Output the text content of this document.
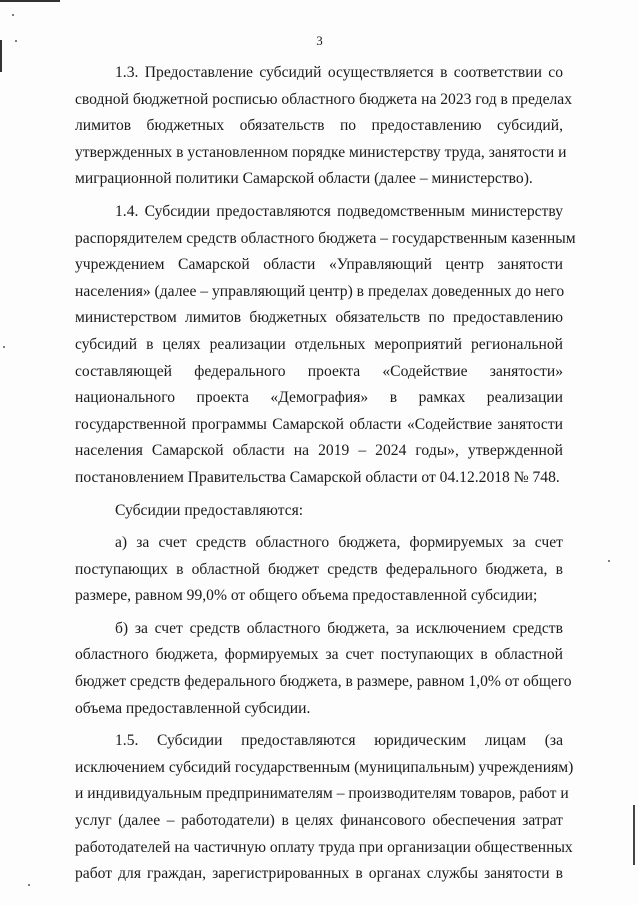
3
1.3. Предоставление субсидий осуществляется в соответствии со
сводной бюджетной росписью областного бюджета на 2023 год в пределах
лимитов бюджетных обязательств по предоставлению субсидий,
утвержденных в установленном порядке министерству труда, занятости и
миграционной политики Самарской области (далее – министерство).
1.4. Субсидии предоставляются подведомственным министерству
распорядителем средств областного бюджета – государственным казенным
учреждением Самарской области «Управляющий центр занятости
населения» (далее – управляющий центр) в пределах доведенных до него
министерством лимитов бюджетных обязательств по предоставлению
субсидий в целях реализации отдельных мероприятий региональной
составляющей федерального проекта «Содействие занятости»
национального проекта «Демография» в рамках реализации
государственной программы Самарской области «Содействие занятости
населения Самарской области на 2019 – 2024 годы», утвержденной
постановлением Правительства Самарской области от 04.12.2018 № 748.
Субсидии предоставляются:
а) за счет средств областного бюджета, формируемых за счет
поступающих в областной бюджет средств федерального бюджета, в
размере, равном 99,0% от общего объема предоставленной субсидии;
б) за счет средств областного бюджета, за исключением средств
областного бюджета, формируемых за счет поступающих в областной
бюджет средств федерального бюджета, в размере, равном 1,0% от общего
объема предоставленной субсидии.
1.5. Субсидии предоставляются юридическим лицам (за
исключением субсидий государственным (муниципальным) учреждениям)
и индивидуальным предпринимателям – производителям товаров, работ и
услуг (далее – работодатели) в целях финансового обеспечения затрат
работодателей на частичную оплату труда при организации общественных
работ для граждан, зарегистрированных в органах службы занятости в
